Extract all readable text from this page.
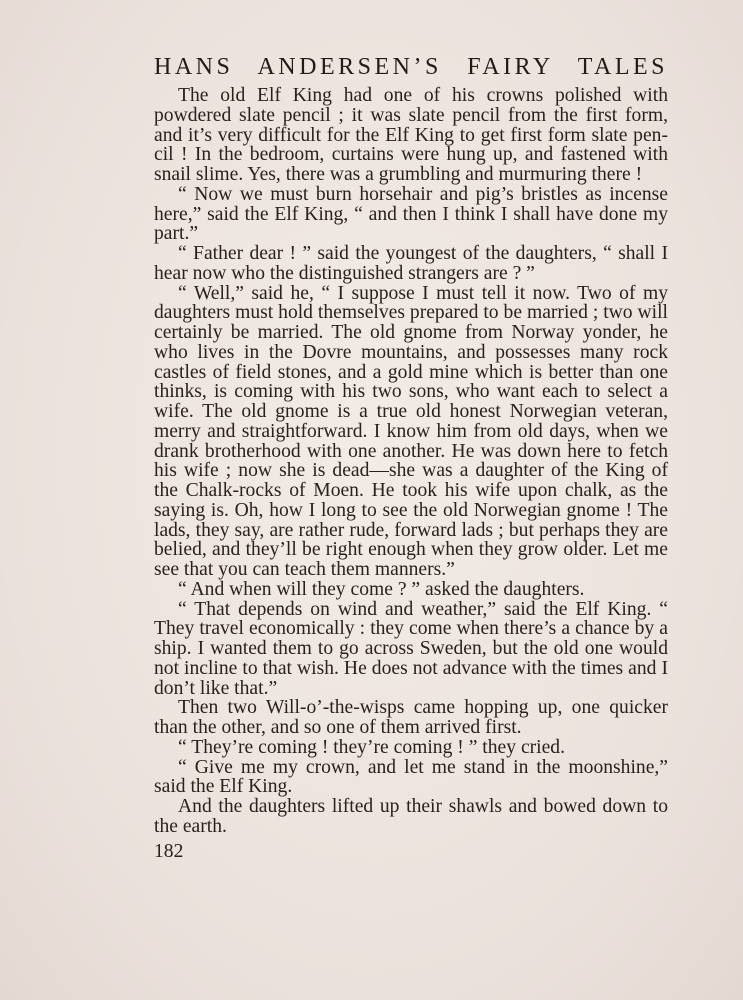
HANS ANDERSEN’S FAIRY TALES

The old Elf King had one of his crowns polished with powdered slate pencil ; it was slate pencil from the first form, and it’s very difficult for the Elf King to get first form slate pen- cil ! In the bedroom, curtains were hung up, and fastened with snail slime. Yes, there was a grumbling and murmuring there !

“ Now we must burn horsehair and pig’s bristles as incense here,” said the Elf King, “ and then I think I shall have done my part.”

“ Father dear ! ” said the youngest of the daughters, “ shall I hear now who the distinguished strangers are ? ”

“ Well,” said he, “ I suppose I must tell it now. Two of my daughters must hold themselves prepared to be married ; two will certainly be married. The old gnome from Norway yonder, he who lives in the Dovre mountains, and possesses many rock castles of field stones, and a gold mine which is better than one thinks, is coming with his two sons, who want each to select a wife. The old gnome is a true old honest Norwegian veteran, merry and straightforward. I know him from old days, when we drank brotherhood with one another. He was down here to fetch his wife ; now she is dead—she was a daughter of the King of the Chalk-rocks of Moen. He took his wife upon chalk, as the saying is. Oh, how I long to see the old Norwegian gnome ! The lads, they say, are rather rude, forward lads ; but perhaps they are belied, and they’ll be right enough when they grow older. Let me see that you can teach them manners.”

“ And when will they come ? ” asked the daughters.

“ That depends on wind and weather,” said the Elf King. “ They travel economically : they come when there’s a chance by a ship. I wanted them to go across Sweden, but the old one would not incline to that wish. He does not advance with the times and I don’t like that.”

Then two Will-o’-the-wisps came hopping up, one quicker than the other, and so one of them arrived first.

“ They’re coming ! they’re coming ! ” they cried.

“ Give me my crown, and let me stand in the moonshine,” said the Elf King.

And the daughters lifted up their shawls and bowed down to the earth.

182
